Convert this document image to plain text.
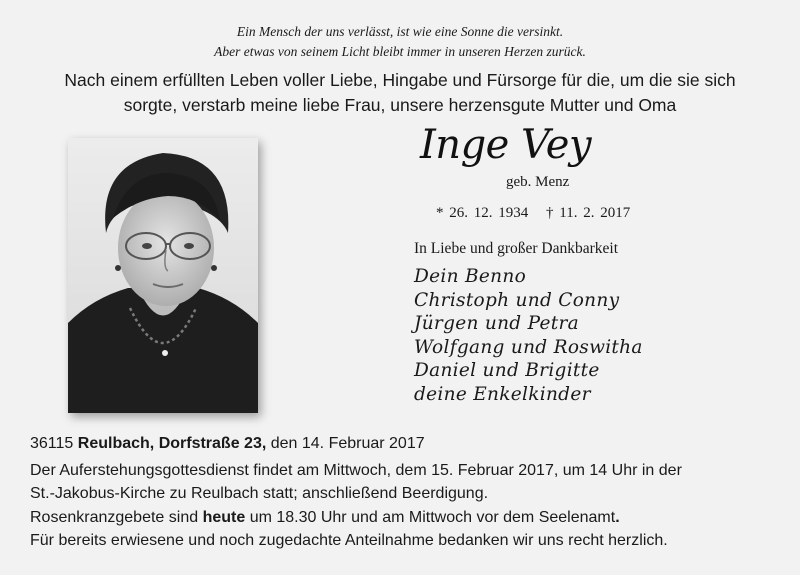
Ein Mensch der uns verlässt, ist wie eine Sonne die versinkt.
Aber etwas von seinem Licht bleibt immer in unseren Herzen zurück.
Nach einem erfüllten Leben voller Liebe, Hingabe und Fürsorge für die, um die sie sich
sorgte, verstarb meine liebe Frau, unsere herzensgute Mutter und Oma
Inge Vey
geb. Menz
* 26. 12. 1934 † 11. 2. 2017
In Liebe und großer Dankbarkeit
Dein Benno
Christoph und Conny
Jürgen und Petra
Wolfgang und Roswitha
Daniel und Brigitte
deine Enkelkinder
36115 Reulbach, Dorfstraße 23, den 14. Februar 2017
Der Auferstehungsgottesdienst findet am Mittwoch, dem 15. Februar 2017, um 14 Uhr in der
St.-Jakobus-Kirche zu Reulbach statt; anschließend Beerdigung.
Rosenkranzgebete sind heute um 18.30 Uhr und am Mittwoch vor dem Seelenamt.
Für bereits erwiesene und noch zugedachte Anteilnahme bedanken wir uns recht herzlich.
